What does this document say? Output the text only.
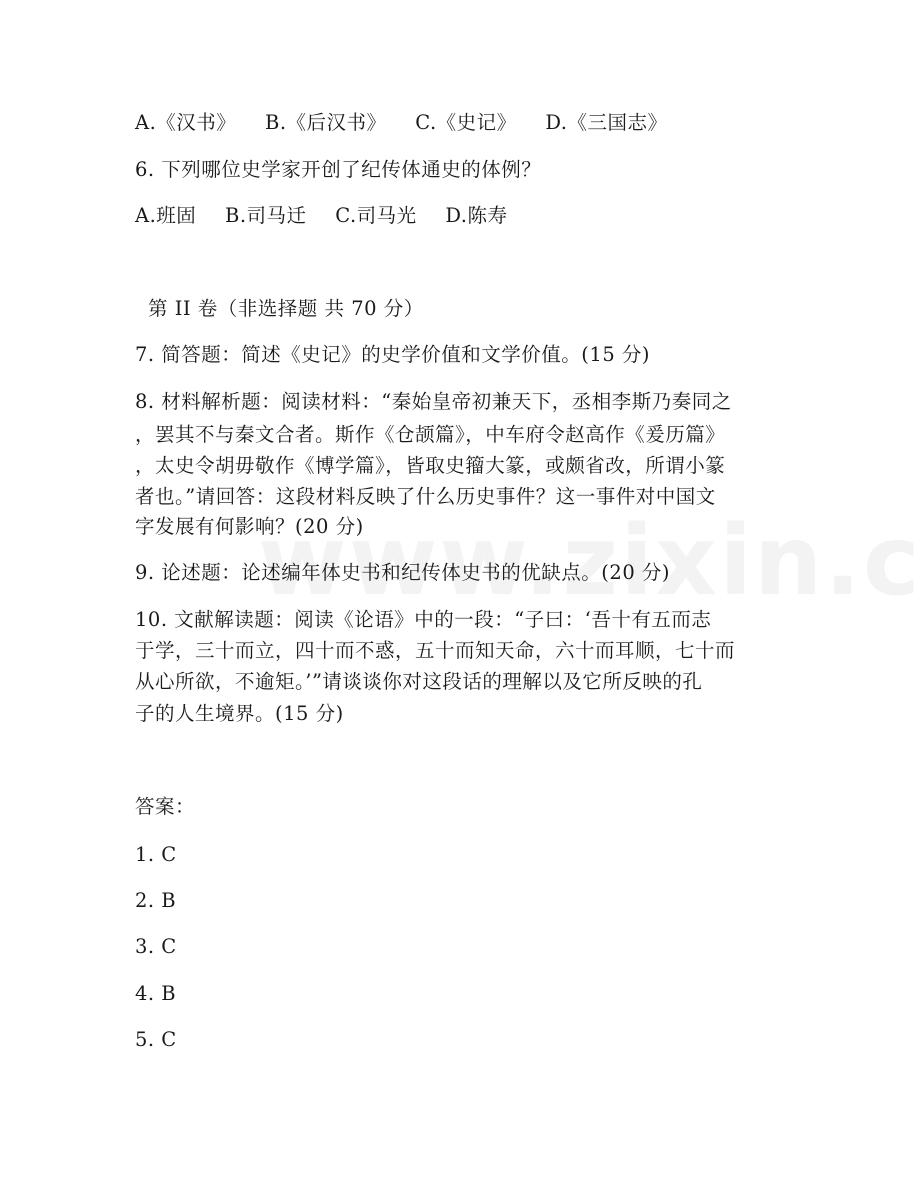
A.《汉书》 B.《后汉书》 C.《史记》 D.《三国志》
6. 下列哪位史学家开创了纪传体通史的体例？
A.班固 B.司马迁 C.司马光 D.陈寿
第 II 卷（非选择题 共 70 分）
7. 简答题：简述《史记》的史学价值和文学价值。(15 分)
8. 材料解析题：阅读材料：“秦始皇帝初兼天下，丞相李斯乃奏同之
，罢其不与秦文合者。斯作《仓颉篇》，中车府令赵高作《爰历篇》
，太史令胡毋敬作《博学篇》，皆取史籀大篆，或颇省改，所谓小篆
者也。”请回答：这段材料反映了什么历史事件？这一事件对中国文
字发展有何影响？(20 分)
9. 论述题：论述编年体史书和纪传体史书的优缺点。(20 分)
10. 文献解读题：阅读《论语》中的一段：“子曰：‘吾十有五而志
于学，三十而立，四十而不惑，五十而知天命，六十而耳顺，七十而
从心所欲，不逾矩。’”请谈谈你对这段话的理解以及它所反映的孔
子的人生境界。(15 分)
答案：
1. C
2. B
3. C
4. B
5. C
